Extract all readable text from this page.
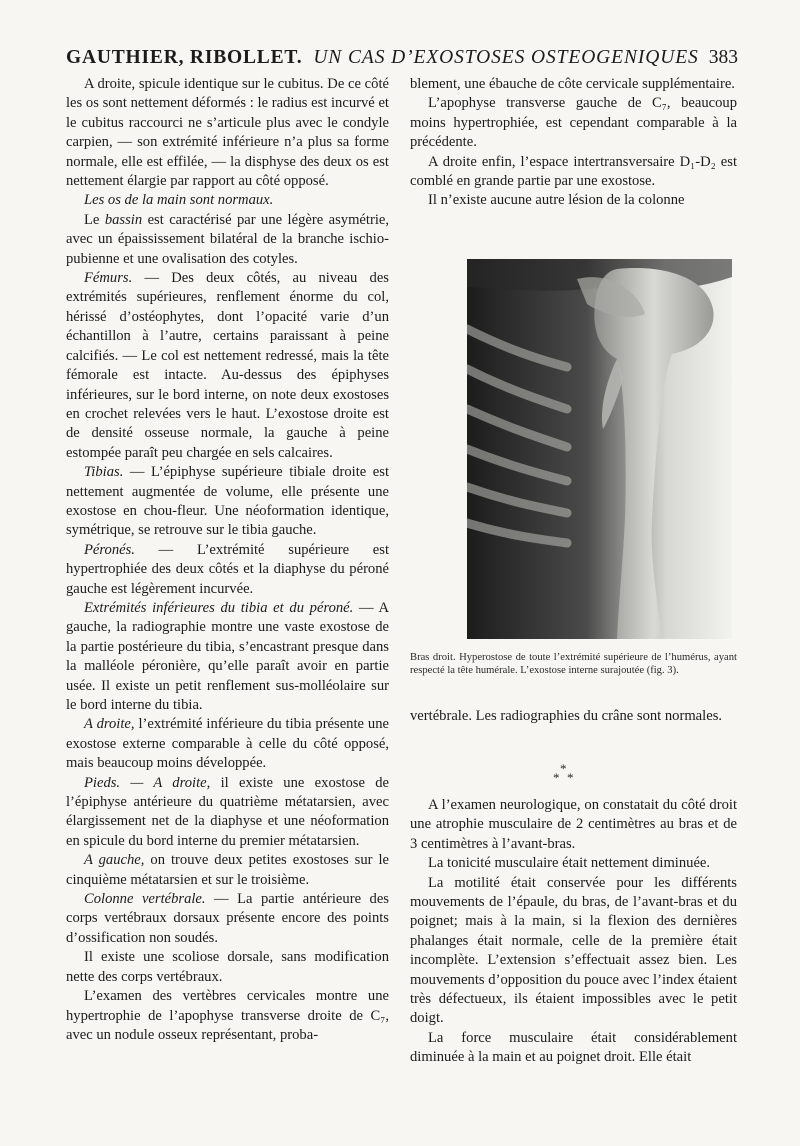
GAUTHIER, RIBOLLET. UN CAS D’EXOSTOSES OSTEOGENIQUES 383

A droite, spicule identique sur le cubitus. De ce côté les os sont nettement déformés : le radius est incurvé et le cubitus raccourci ne s’articule plus avec le condyle carpien, — son extrémité inférieure n’a plus sa forme normale, elle est effilée, — la disphyse des deux os est nettement élargie par rapport au côté opposé.

Les os de la main sont normaux.

Le bassin est caractérisé par une légère asymétrie, avec un épaississement bilatéral de la branche ischio-pubienne et une ovalisation des cotyles.

Fémurs. — Des deux côtés, au niveau des extrémités supérieures, renflement énorme du col, hérissé d’ostéophytes, dont l’opacité varie d’un échantillon à l’autre, certains paraissant à peine calcifiés. — Le col est nettement redressé, mais la tête fémorale est intacte. Au-dessus des épiphyses inférieures, sur le bord interne, on note deux exostoses en crochet relevées vers le haut. L’exostose droite est de densité osseuse normale, la gauche à peine estompée paraît peu chargée en sels calcaires.

Tibias. — L’épiphyse supérieure tibiale droite est nettement augmentée de volume, elle présente une exostose en chou-fleur. Une néoformation identique, symétrique, se retrouve sur le tibia gauche.

Péronés. — L’extrémité supérieure est hypertrophiée des deux côtés et la diaphyse du péroné gauche est légèrement incurvée.

Extrémités inférieures du tibia et du péroné. — A gauche, la radiographie montre une vaste exostose de la partie postérieure du tibia, s’encastrant presque dans la malléole péronière, qu’elle paraît avoir en partie usée. Il existe un petit renflement sus-molléolaire sur le bord interne du tibia.

A droite, l’extrémité inférieure du tibia présente une exostose externe comparable à celle du côté opposé, mais beaucoup moins développée.

Pieds. — A droite, il existe une exostose de l’épiphyse antérieure du quatrième métatarsien, avec élargissement net de la diaphyse et une néoformation en spicule du bord interne du premier métatarsien.

A gauche, on trouve deux petites exostoses sur le cinquième métatarsien et sur le troisième.

Colonne vertébrale. — La partie antérieure des corps vertébraux dorsaux présente encore des points d’ossification non soudés.

Il existe une scoliose dorsale, sans modification nette des corps vertébraux.

L’examen des vertèbres cervicales montre une hypertrophie de l’apophyse transverse droite de C₇, avec un nodule osseux représentant, proba-

blement, une ébauche de côte cervicale supplémentaire.

L’apophyse transverse gauche de C₇, beaucoup moins hypertrophiée, est cependant comparable à la précédente.

A droite enfin, l’espace intertransversaire D₁-D₂ est comblé en grande partie par une exostose.

Il n’existe aucune autre lésion de la colonne

Bras droit. Hyperostose de toute l’extrémité supérieure de l’humérus, ayant respecté la tête humérale. L’exostose interne surajoutée (fig. 3).

vertébrale. Les radiographies du crâne sont normales.

*
* *

A l’examen neurologique, on constatait du côté droit une atrophie musculaire de 2 centimètres au bras et de 3 centimètres à l’avant-bras.

La tonicité musculaire était nettement diminuée.

La motilité était conservée pour les différents mouvements de l’épaule, du bras, de l’avant-bras et du poignet; mais à la main, si la flexion des dernières phalanges était normale, celle de la première était incomplète. L’extension s’effectuait assez bien. Les mouvements d’opposition du pouce avec l’index étaient très défectueux, ils étaient impossibles avec le petit doigt.

La force musculaire était considérablement diminuée à la main et au poignet droit. Elle était
